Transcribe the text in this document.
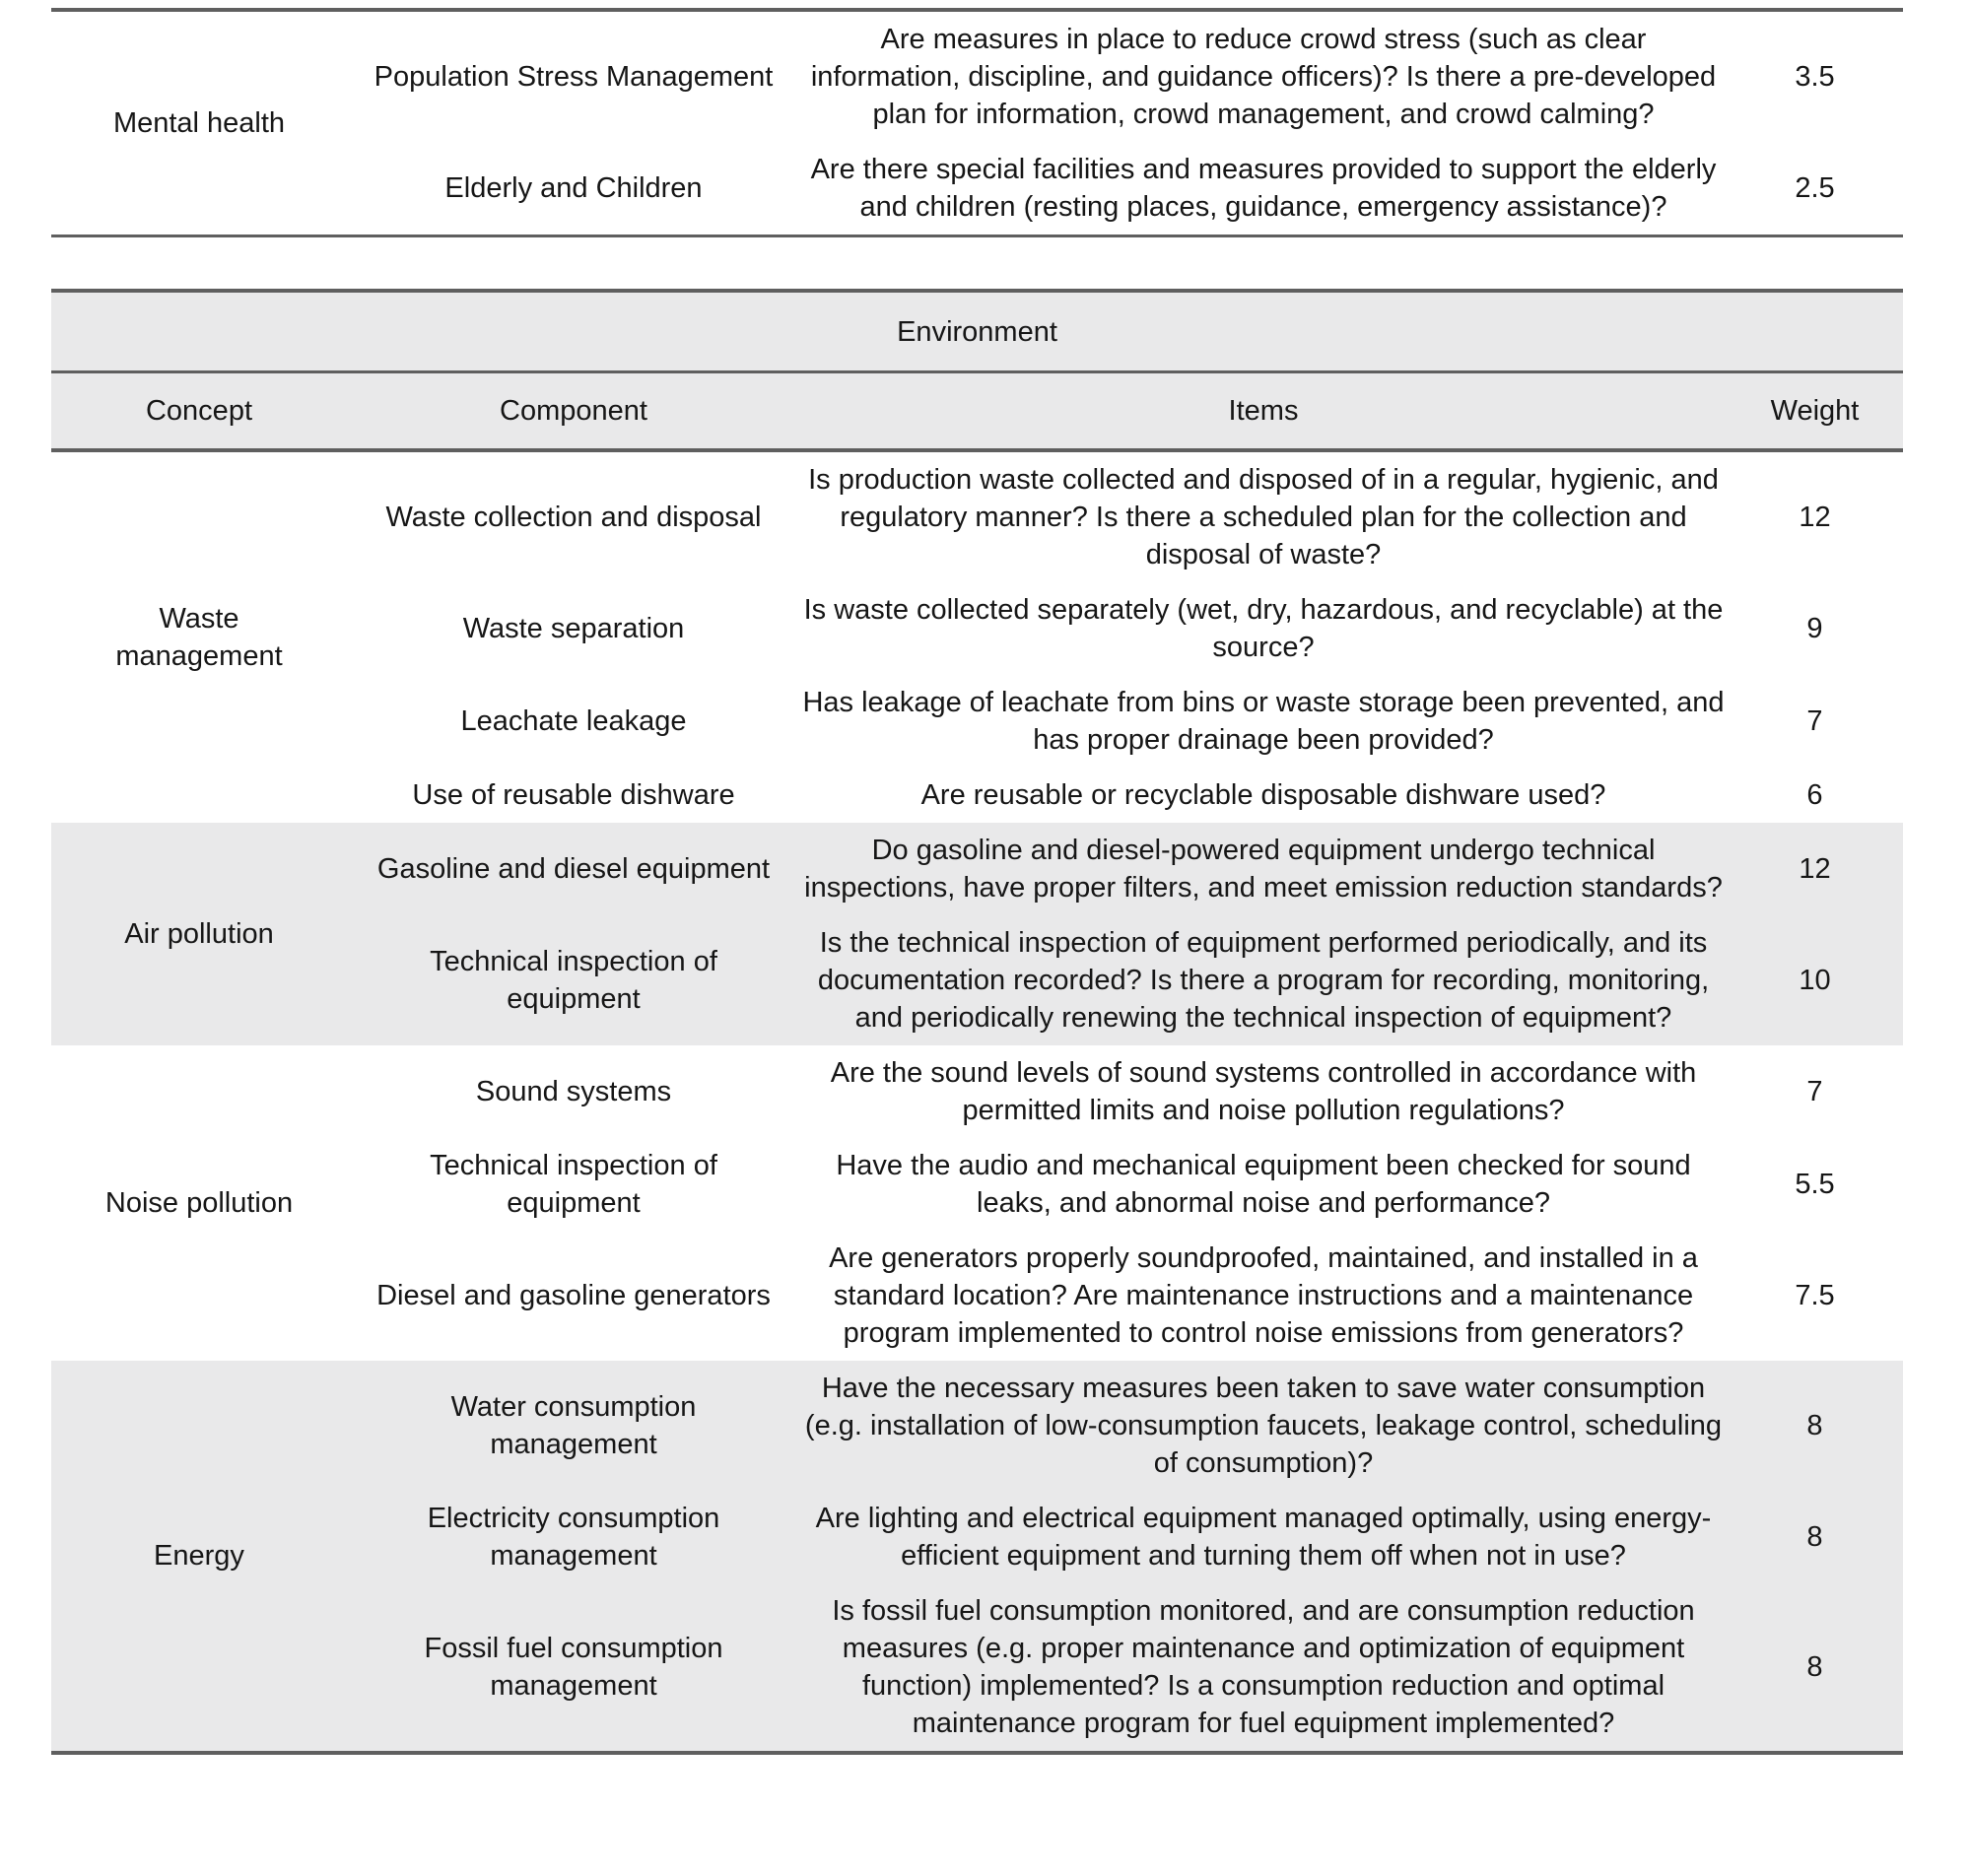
Mental health	Population Stress Management	Are measures in place to reduce crowd stress (such as clear information, discipline, and guidance officers)? Is there a pre-developed plan for information, crowd management, and crowd calming?	3.5
	Elderly and Children	Are there special facilities and measures provided to support the elderly and children (resting places, guidance, emergency assistance)?	2.5
Environment			
Concept	Component	Items	Weight
Waste management	Waste collection and disposal	Is production waste collected and disposed of in a regular, hygienic, and regulatory manner? Is there a scheduled plan for the collection and disposal of waste?	12
	Waste separation	Is waste collected separately (wet, dry, hazardous, and recyclable) at the source?	9
	Leachate leakage	Has leakage of leachate from bins or waste storage been prevented, and has proper drainage been provided?	7
	Use of reusable dishware	Are reusable or recyclable disposable dishware used?	6
Air pollution	Gasoline and diesel equipment	Do gasoline and diesel-powered equipment undergo technical inspections, have proper filters, and meet emission reduction standards?	12
	Technical inspection of equipment	Is the technical inspection of equipment performed periodically, and its documentation recorded? Is there a program for recording, monitoring, and periodically renewing the technical inspection of equipment?	10
Noise pollution	Sound systems	Are the sound levels of sound systems controlled in accordance with permitted limits and noise pollution regulations?	7
	Technical inspection of equipment	Have the audio and mechanical equipment been checked for sound leaks, and abnormal noise and performance?	5.5
	Diesel and gasoline generators	Are generators properly soundproofed, maintained, and installed in a standard location? Are maintenance instructions and a maintenance program implemented to control noise emissions from generators?	7.5
Energy	Water consumption management	Have the necessary measures been taken to save water consumption (e.g. installation of low-consumption faucets, leakage control, scheduling of consumption)?	8
	Electricity consumption management	Are lighting and electrical equipment managed optimally, using energy-efficient equipment and turning them off when not in use?	8
	Fossil fuel consumption management	Is fossil fuel consumption monitored, and are consumption reduction measures (e.g. proper maintenance and optimization of equipment function) implemented? Is a consumption reduction and optimal maintenance program for fuel equipment implemented?	8
